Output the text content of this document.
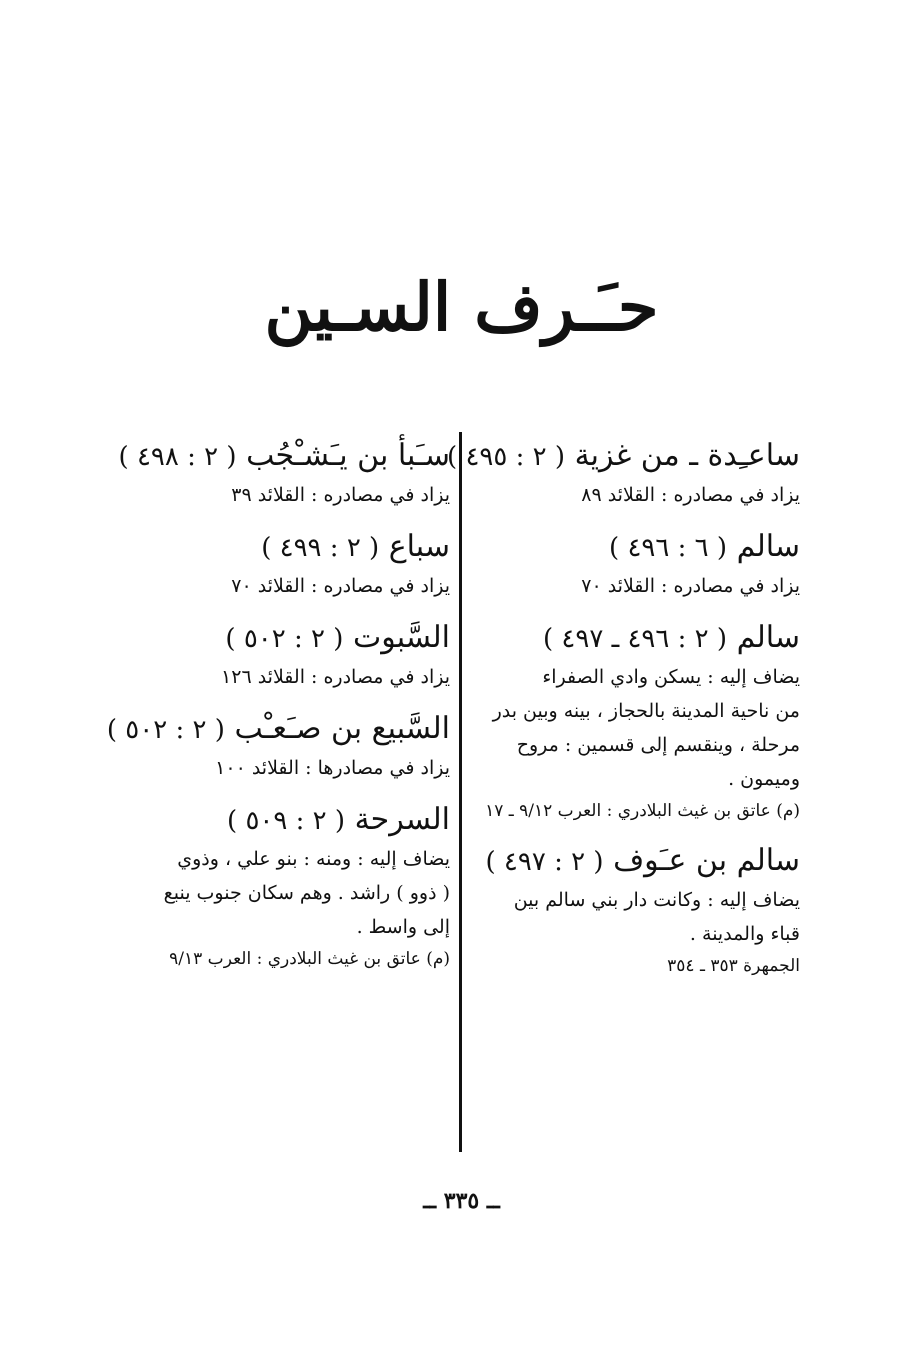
حـَـرف السـين
ساعـِدة ـ من غزية ( ٢ : ٤٩٥ )
يزاد في مصادره : القلائد ٨٩
سالم ( ٦ : ٤٩٦ )
يزاد في مصادره : القلائد ٧٠
سالم ( ٢ : ٤٩٦ ـ ٤٩٧ )
يضاف إليه : يسكن وادي الصفراء
من ناحية المدينة بالحجاز ، بينه وبين بدر
مرحلة ، وينقسم إلى قسمين : مروح
وميمون .
(م) عاتق بن غيث البلادري : العرب ٩/١٢ ـ ١٧
سالم بن عـَوف ( ٢ : ٤٩٧ )
يضاف إليه : وكانت دار بني سالم بين
قباء والمدينة .
الجمهرة ٣٥٣ ـ ٣٥٤
سـَبأ بن يـَشـْجُب ( ٢ : ٤٩٨ )
يزاد في مصادره : القلائد ٣٩
سباع ( ٢ : ٤٩٩ )
يزاد في مصادره : القلائد ٧٠
السَّبوت ( ٢ : ٥٠٢ )
يزاد في مصادره : القلائد ١٢٦
السَّبيع بن صـَعـْب ( ٢ : ٥٠٢ )
يزاد في مصادرها : القلائد ١٠٠
السرحة ( ٢ : ٥٠٩ )
يضاف إليه : ومنه : بنو علي ، وذوي
( ذوو ) راشد . وهم سكان جنوب ينبع
إلى واسط .
(م) عاتق بن غيث البلادري : العرب ٩/١٣
ــ ٣٣٥ ــ
